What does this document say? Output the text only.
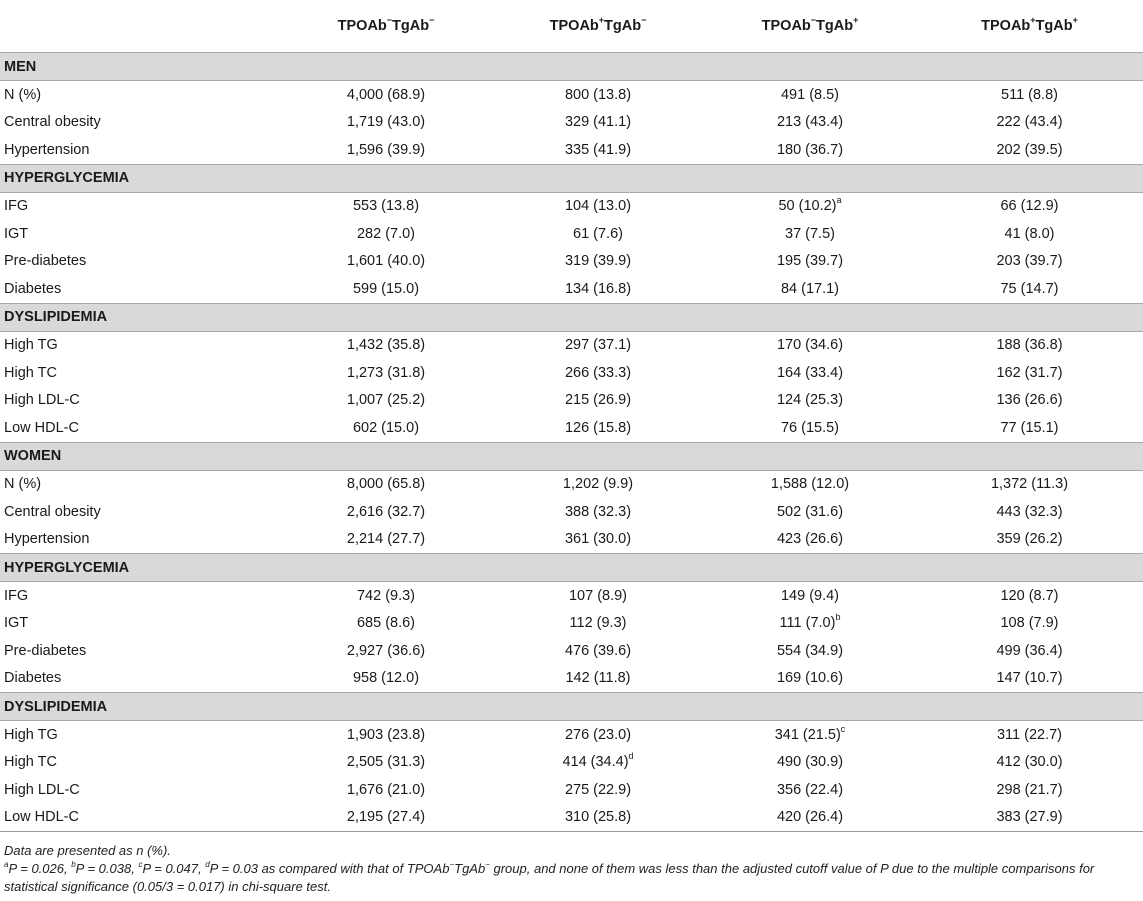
	TPOAb−TgAb−	TPOAb+TgAb−	TPOAb−TgAb+	TPOAb+TgAb+
MEN				
N (%)	4,000 (68.9)	800 (13.8)	491 (8.5)	511 (8.8)
Central obesity	1,719 (43.0)	329 (41.1)	213 (43.4)	222 (43.4)
Hypertension	1,596 (39.9)	335 (41.9)	180 (36.7)	202 (39.5)
HYPERGLYCEMIA				
IFG	553 (13.8)	104 (13.0)	50 $(10.2)^a$	66 (12.9)
IGT	282 (7.0)	61 (7.6)	37 (7.5)	41 (8.0)
Pre-diabetes	1,601 (40.0)	319 (39.9)	195 (39.7)	203 (39.7)
Diabetes	599 (15.0)	134 (16.8)	84 (17.1)	75 (14.7)
DYSLIPIDEMIA				
High TG	1,432 (35.8)	297 (37.1)	170 (34.6)	188 (36.8)
High TC	1,273 (31.8)	266 (33.3)	164 (33.4)	162 (31.7)
High LDL-C	1,007 (25.2)	215 (26.9)	124 (25.3)	136 (26.6)
Low HDL-C	602 (15.0)	126 (15.8)	76 (15.5)	77 (15.1)
WOMEN				
N (%)	8,000 (65.8)	1,202 (9.9)	1,588 (12.0)	1,372 (11.3)
Central obesity	2,616 (32.7)	388 (32.3)	502 (31.6)	443 (32.3)
Hypertension	2,214 (27.7)	361 (30.0)	423 (26.6)	359 (26.2)
HYPERGLYCEMIA				
IFG	742 (9.3)	107 (8.9)	149 (9.4)	120 (8.7)
IGT	685 (8.6)	112 (9.3)	111 $(7.0)^b$	108 (7.9)
Pre-diabetes	2,927 (36.6)	476 (39.6)	554 (34.9)	499 (36.4)
Diabetes	958 (12.0)	142 (11.8)	169 (10.6)	147 (10.7)
DYSLIPIDEMIA				
High TG	1,903 (23.8)	276 (23.0)	341 $(21.5)^c$	311 (22.7)
High TC	2,505 (31.3)	414 $(34.4)^d$	490 (30.9)	412 (30.0)
High LDL-C	1,676 (21.0)	275 (22.9)	356 (22.4)	298 (21.7)
Low HDL-C	2,195 (27.4)	310 (25.8)	420 (26.4)	383 (27.9)
Data are presented as n (%).
$^a$P = 0.026, $^b$P = 0.038, $^c$P = 0.047, $^d$P = 0.03 as compared with that of TPOAb−TgAb− group, and none of them was less than the adjusted cutoff value of P due to the multiple comparisons for statistical significance (0.05/3 = 0.017) in chi-square test.
